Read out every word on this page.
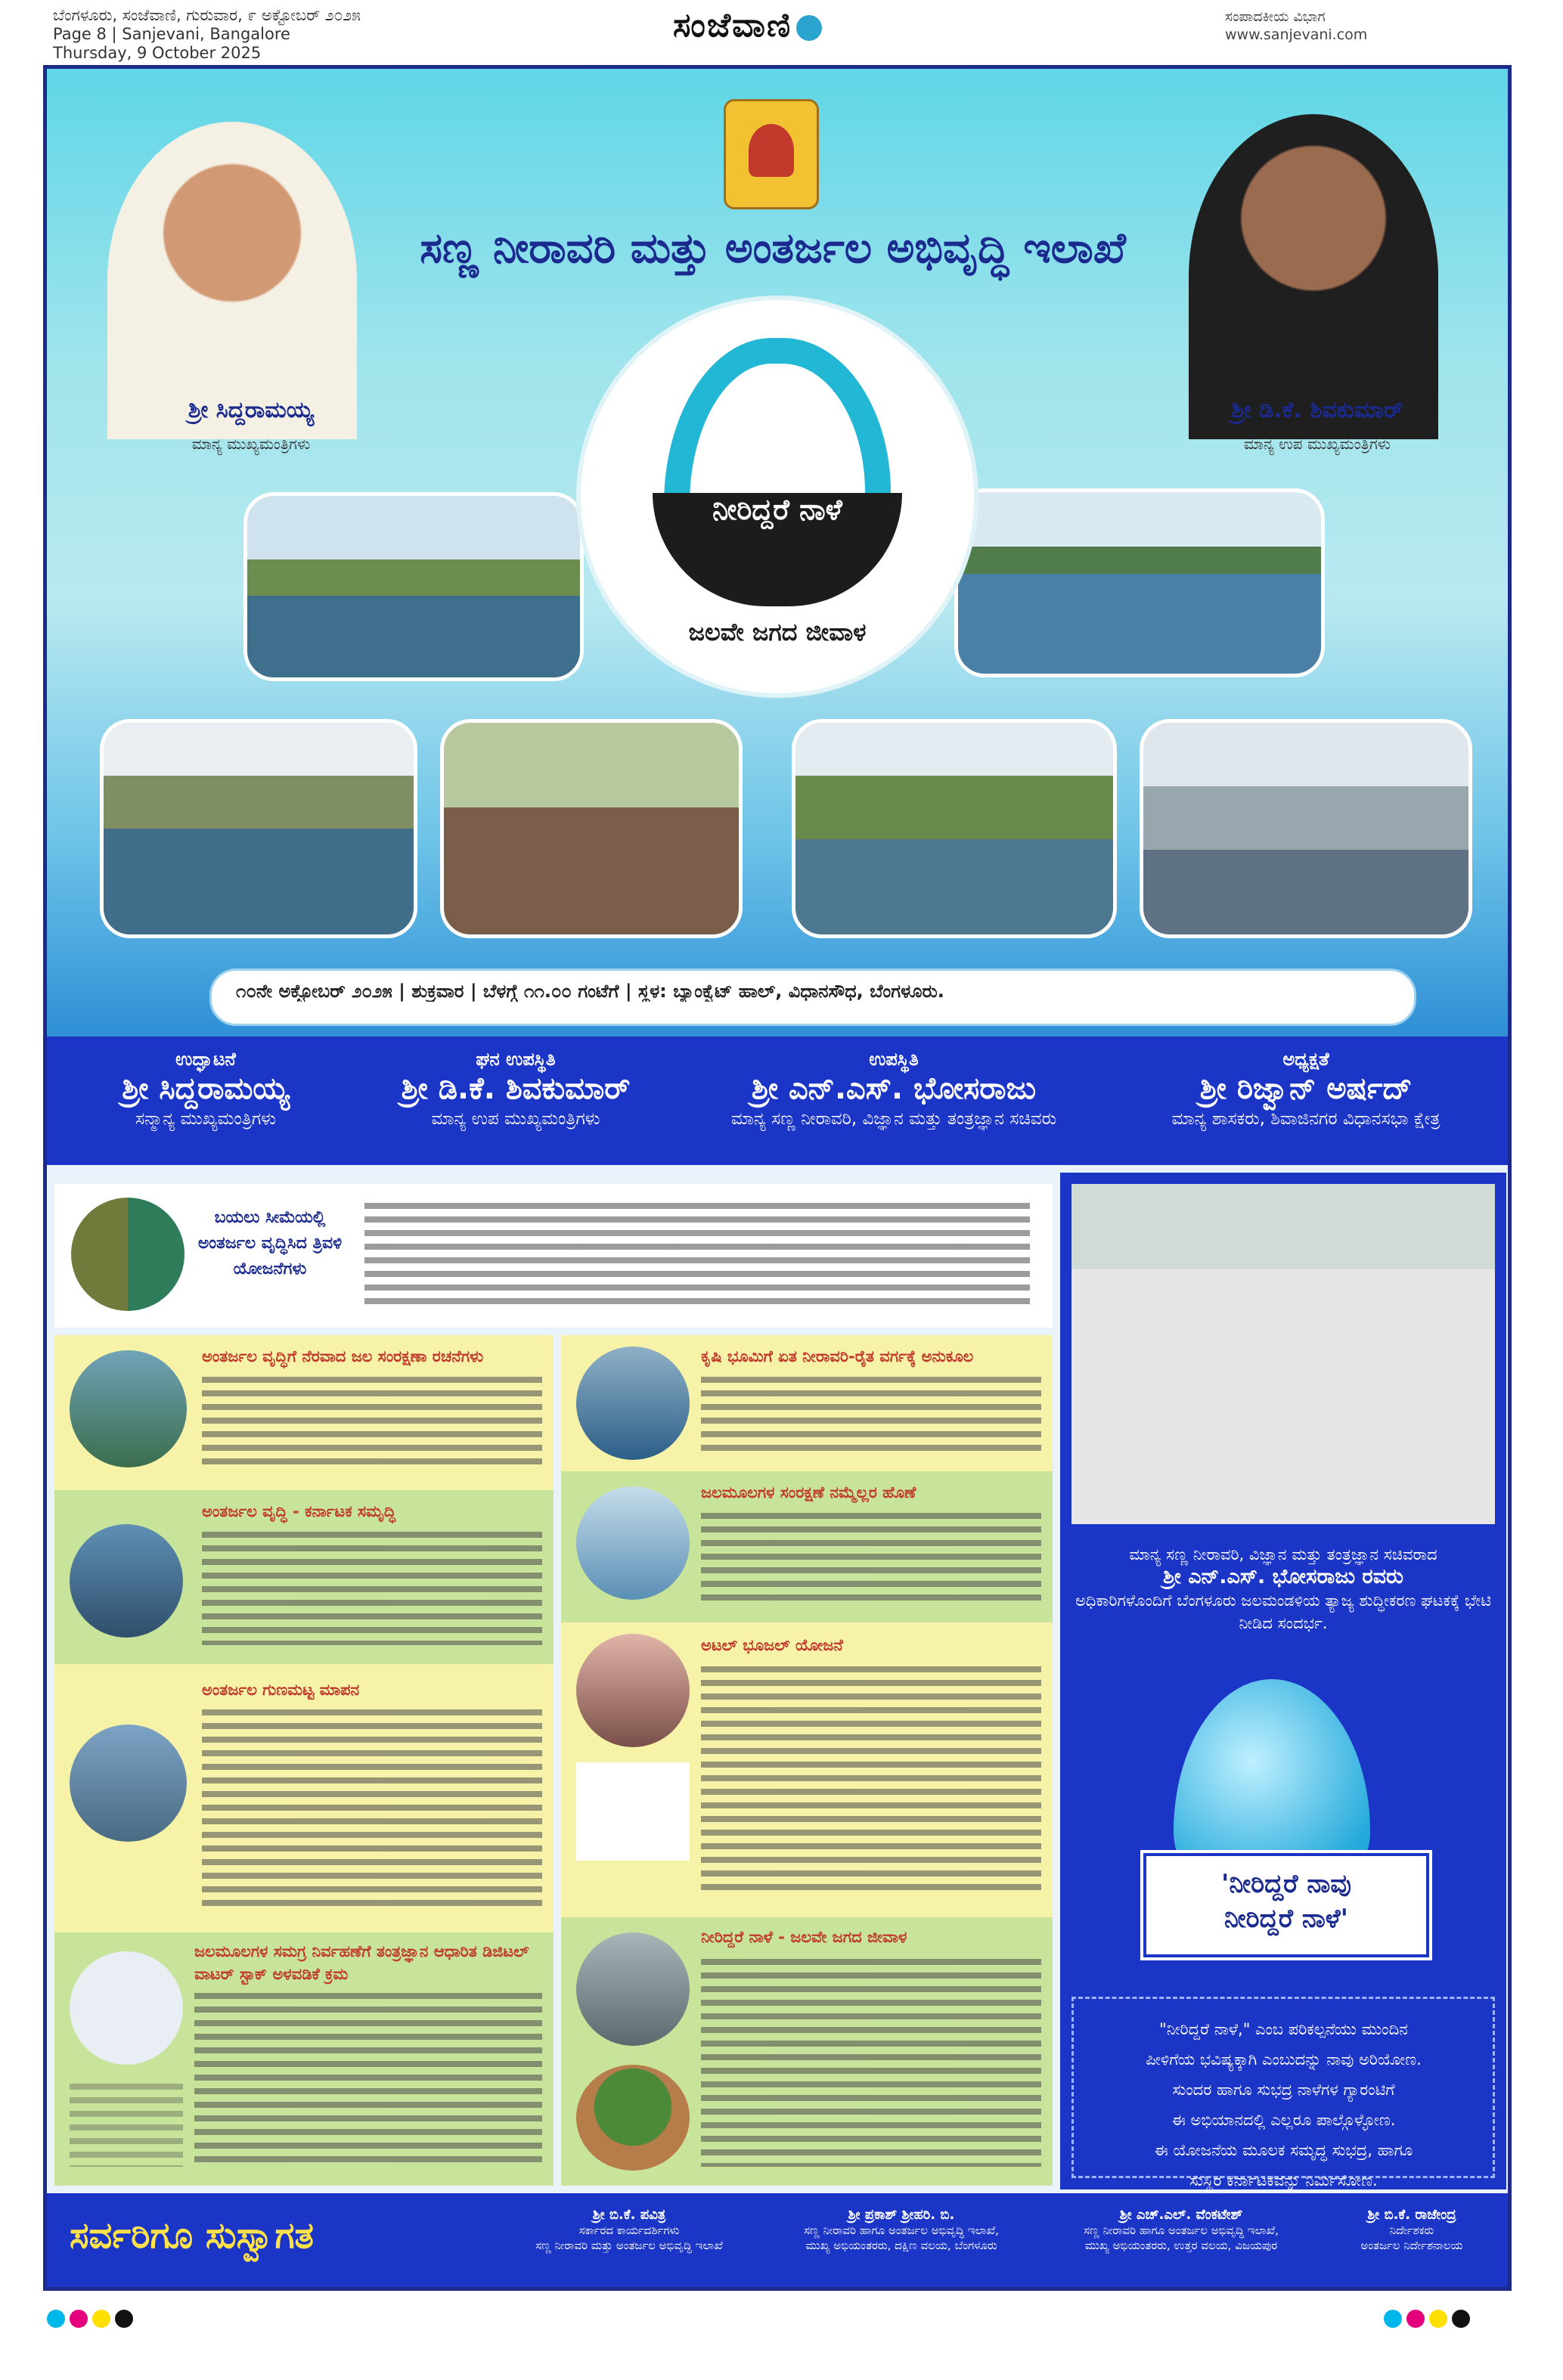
ಬೆಂಗಳೂರು, ಸಂಜೆವಾಣಿ, ಗುರುವಾರ, ೯ ಅಕ್ಟೋಬರ್ ೨೦೨೫
Page 8 | Sanjevani, Bangalore
Thursday, 9 October 2025
ಸಂಜೆವಾಣಿ	ಸಂಪಾದಕೀಯ ವಿಭಾಗ
www.sanjevani.com
ಸಣ್ಣ ನೀರಾವರಿ ಮತ್ತು ಅಂತರ್ಜಲ ಅಭಿವೃದ್ಧಿ ಇಲಾಖೆ
ಶ್ರೀ ಸಿದ್ದರಾಮಯ್ಯ
ಮಾನ್ಯ ಮುಖ್ಯಮಂತ್ರಿಗಳು
ಶ್ರೀ ಡಿ.ಕೆ. ಶಿವಕುಮಾರ್
ಮಾನ್ಯ ಉಪ ಮುಖ್ಯಮಂತ್ರಿಗಳು
ನೀರಿದ್ದರೆ ನಾಳೆ
ಜಲವೇ ಜಗದ ಜೀವಾಳ
೧೦ನೇ ಅಕ್ಟೋಬರ್ ೨೦೨೫ | ಶುಕ್ರವಾರ | ಬೆಳಗ್ಗೆ ೧೧.೦೦ ಗಂಟೆಗೆ | ಸ್ಥಳ: ಬ್ಯಾಂಕ್ವೆಟ್ ಹಾಲ್, ವಿಧಾನಸೌಧ, ಬೆಂಗಳೂರು.
ಉದ್ಘಾಟನೆ
ಶ್ರೀ ಸಿದ್ದರಾಮಯ್ಯ
ಸನ್ಮಾನ್ಯ ಮುಖ್ಯಮಂತ್ರಿಗಳು
ಘನ ಉಪಸ್ಥಿತಿ
ಶ್ರೀ ಡಿ.ಕೆ. ಶಿವಕುಮಾರ್
ಮಾನ್ಯ ಉಪ ಮುಖ್ಯಮಂತ್ರಿಗಳು
ಉಪಸ್ಥಿತಿ
ಶ್ರೀ ಎನ್.ಎಸ್. ಭೋಸರಾಜು
ಮಾನ್ಯ ಸಣ್ಣ ನೀರಾವರಿ, ವಿಜ್ಞಾನ ಮತ್ತು ತಂತ್ರಜ್ಞಾನ ಸಚಿವರು
ಅಧ್ಯಕ್ಷತೆ
ಶ್ರೀ ರಿಜ್ವಾನ್ ಅರ್ಷದ್
ಮಾನ್ಯ ಶಾಸಕರು, ಶಿವಾಜಿನಗರ ವಿಧಾನಸಭಾ ಕ್ಷೇತ್ರ
ಬಯಲು ಸೀಮೆಯಲ್ಲಿ ಅಂತರ್ಜಲ ವೃದ್ಧಿಸಿದ ತ್ರಿವಳಿ ಯೋಜನೆಗಳು
ಅಂತರ್ಜಲ ವೃದ್ಧಿಗೆ ನೆರವಾದ ಜಲ ಸಂರಕ್ಷಣಾ ರಚನೆಗಳು
ಅಂತರ್ಜಲ ವೃದ್ಧಿ - ಕರ್ನಾಟಕ ಸಮೃದ್ಧಿ
ಅಂತರ್ಜಲ ಗುಣಮಟ್ಟ ಮಾಪನ
ಜಲಮೂಲಗಳ ಸಮಗ್ರ ನಿರ್ವಹಣೆಗೆ ತಂತ್ರಜ್ಞಾನ ಆಧಾರಿತ ಡಿಜಿಟಲ್ ವಾಟರ್ ಸ್ಟಾಕ್ ಅಳವಡಿಕೆ ಕ್ರಮ
ಕೃಷಿ ಭೂಮಿಗೆ ಏತ ನೀರಾವರಿ-ರೈತ ವರ್ಗಕ್ಕೆ ಅನುಕೂಲ
ಜಲಮೂಲಗಳ ಸಂರಕ್ಷಣೆ ನಮ್ಮೆಲ್ಲರ ಹೊಣೆ
ಅಟಲ್ ಭೂಜಲ್ ಯೋಜನೆ
ನೀರಿದ್ದರೆ ನಾಳೆ - ಜಲವೇ ಜಗದ ಜೀವಾಳ
ಮಾನ್ಯ ಸಣ್ಣ ನೀರಾವರಿ, ವಿಜ್ಞಾನ ಮತ್ತು ತಂತ್ರಜ್ಞಾನ ಸಚಿವರಾದ
ಶ್ರೀ ಎನ್.ಎಸ್. ಭೋಸರಾಜು ರವರು
ಅಧಿಕಾರಿಗಳೊಂದಿಗೆ ಬೆಂಗಳೂರು ಜಲಮಂಡಳಿಯ ತ್ಯಾಜ್ಯ ಶುದ್ಧೀಕರಣ ಘಟಕಕ್ಕೆ ಭೇಟಿ ನೀಡಿದ ಸಂದರ್ಭ.
'ನೀರಿದ್ದರೆ ನಾವು
ನೀರಿದ್ದರೆ ನಾಳೆ'
"ನೀರಿದ್ದರೆ ನಾಳೆ," ಎಂಬ ಪರಿಕಲ್ಪನೆಯು ಮುಂದಿನ
ಪೀಳಿಗೆಯ ಭವಿಷ್ಯಕ್ಕಾಗಿ ಎಂಬುದನ್ನು ನಾವು ಅರಿಯೋಣ.
ಸುಂದರ ಹಾಗೂ ಸುಭದ್ರ ನಾಳೆಗಳ ಗ್ಯಾರಂಟಿಗೆ
ಈ ಅಭಿಯಾನದಲ್ಲಿ ಎಲ್ಲರೂ ಪಾಲ್ಗೊಳ್ಳೋಣ.
ಈ ಯೋಜನೆಯ ಮೂಲಕ ಸಮೃದ್ಧ ಸುಭದ್ರ, ಹಾಗೂ
ಸುಸ್ಥಿರ ಕರ್ನಾಟಕವನ್ನು ನಿರ್ಮಿಸೋಣ.
ಸರ್ವರಿಗೂ ಸುಸ್ವಾಗತ	ಶ್ರೀ ಬಿ.ಕೆ. ಪವಿತ್ರ
ಸರ್ಕಾರದ ಕಾರ್ಯದರ್ಶಿಗಳು
ಸಣ್ಣ ನೀರಾವರಿ ಮತ್ತು ಅಂತರ್ಜಲ ಅಭಿವೃದ್ಧಿ ಇಲಾಖೆ
ಶ್ರೀ ಪ್ರಕಾಶ್ ಶ್ರೀಹರಿ. ಬಿ.
ಸಣ್ಣ ನೀರಾವರಿ ಹಾಗೂ ಅಂತರ್ಜಲ ಅಭಿವೃದ್ಧಿ ಇಲಾಖೆ,
ಮುಖ್ಯ ಅಭಿಯಂತರರು, ದಕ್ಷಿಣ ವಲಯ, ಬೆಂಗಳೂರು
ಶ್ರೀ ಎಚ್.ಎಲ್. ವೆಂಕಟೇಶ್
ಸಣ್ಣ ನೀರಾವರಿ ಹಾಗೂ ಅಂತರ್ಜಲ ಅಭಿವೃದ್ಧಿ ಇಲಾಖೆ,
ಮುಖ್ಯ ಅಭಿಯಂತರರು, ಉತ್ತರ ವಲಯ, ವಿಜಯಪುರ
ಶ್ರೀ ಬಿ.ಕೆ. ರಾಜೇಂದ್ರ
ನಿರ್ದೇಶಕರು
ಅಂತರ್ಜಲ ನಿರ್ದೇಶನಾಲಯ
